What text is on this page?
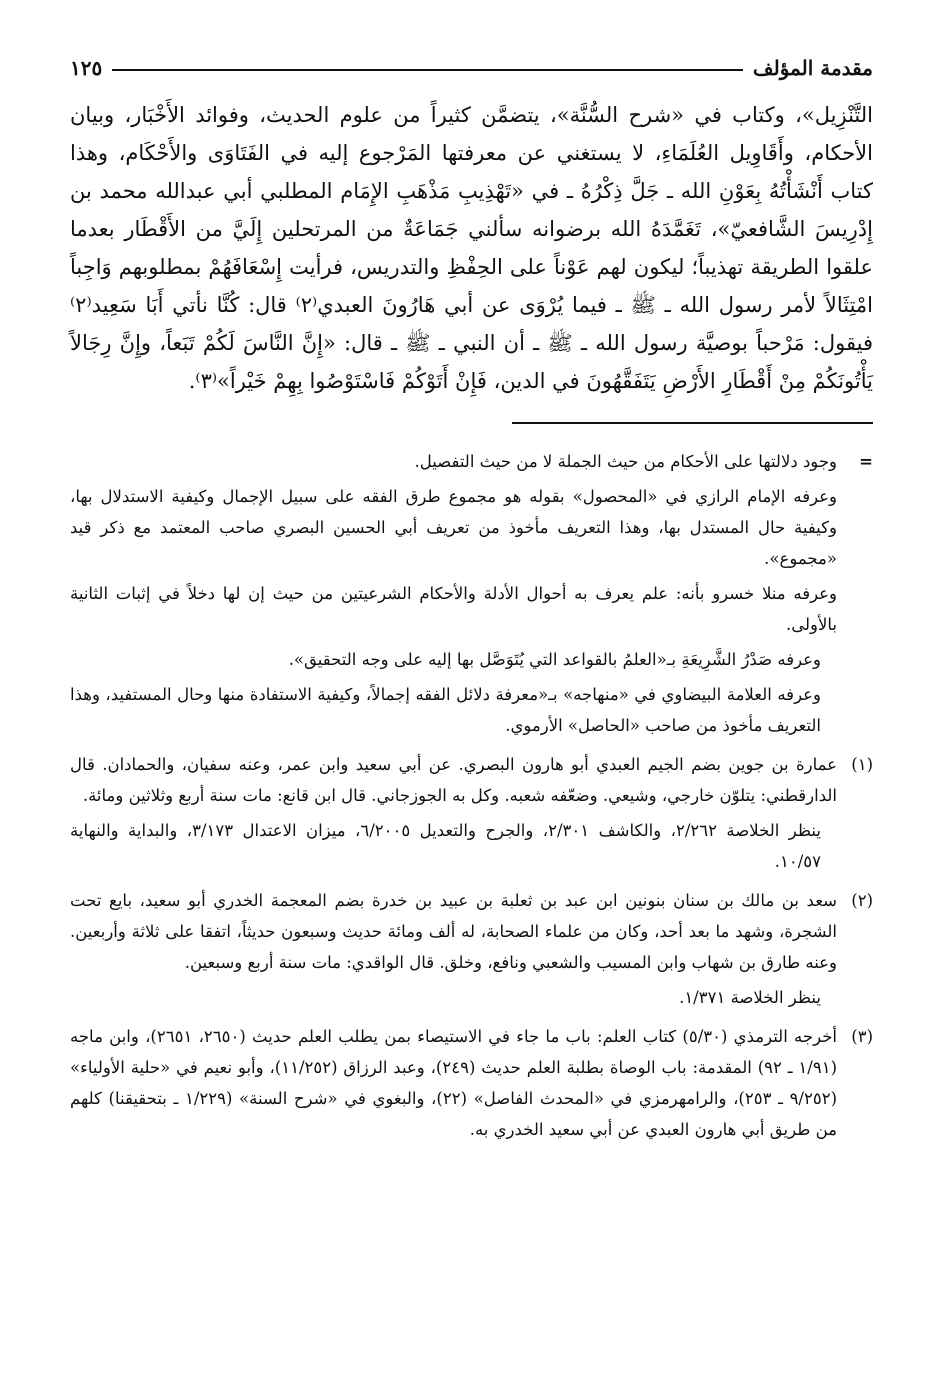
مقدمة المؤلف
١٢٥

التَّنْزِيل»، وكتاب في «شرح السُّنَّة»، يتضمَّن كثيراً من علوم الحديث، وفوائد الأَخْبَار، وبيان الأحكام، وأَقَاوِيل العُلَمَاءِ، لا يستغني عن معرفتها المَرْجوع إليه في الفَتَاوَى والأَحْكَام، وهذا كتاب أَنْشَأْتُهُ بِعَوْنِ الله ـ جَلَّ ذِكْرُهُ ـ في «تَهْذِيبِ مَذْهَبِ الإِمَام المطلبي أبي عبدالله محمد بن إِدْرِيسَ الشَّافعيّ»، تَغَمَّدَهُ الله برضوانه سألني جَمَاعَةٌ من المرتحلين إِلَيَّ من الأَقْطَار بعدما علقوا الطريقة تهذيباً؛ ليكون لهم عَوْناً على الحِفْظِ والتدريس، فرأيت إِسْعَافَهُمْ بمطلوبهم وَاجِباً امْتِثَالاً لأمر رسول الله ـ ﷺ ـ فيما يُرْوَى عن أبي هَارُونَ العبدي⁽٢⁾ قال: كُنَّا نأتي أَبَا سَعِيد⁽٢⁾ فيقول: مَرْحباً بوصيَّة رسول الله ـ ﷺ ـ أن النبي ـ ﷺ ـ قال: «إِنَّ النَّاسَ لَكُمْ تَبَعاً، وإِنَّ رِجَالاً يَأْتُونَكُمْ مِنْ أَقْطَارِ الأَرْضِ يَتَفَقَّهُونَ في الدين، فَإِنْ أَتَوْكُمْ فَاسْتَوْصُوا بِهِمْ خَيْراً»⁽٣⁾.

=

وجود دلالتها على الأحكام من حيث الجملة لا من حيث التفصيل.

وعرفه الإمام الرازي في «المحصول» بقوله هو مجموع طرق الفقه على سبيل الإجمال وكيفية الاستدلال بها، وكيفية حال المستدل بها، وهذا التعريف مأخوذ من تعريف أبي الحسين البصري صاحب المعتمد مع ذكر قيد «مجموع».

وعرفه منلا خسرو بأنه: علم يعرف به أحوال الأدلة والأحكام الشرعيتين من حيث إن لها دخلاً في إثبات الثانية بالأولى.

وعرفه صَدْرُ الشَّرِيعَةِ بـ«العلمُ بالقواعد التي يُتَوَصَّل بها إليه على وجه التحقيق».

وعرفه العلامة البيضاوي في «منهاجه» بـ«معرفة دلائل الفقه إجمالاً، وكيفية الاستفادة منها وحال المستفيد، وهذا التعريف مأخوذ من صاحب «الحاصل» الأرموي.

(١)

عمارة بن جوين بضم الجيم العبدي أبو هارون البصري. عن أبي سعيد وابن عمر، وعنه سفيان، والحمادان. قال الدارقطني: يتلوّن خارجي، وشيعي. وضعّفه شعبه. وكل به الجوزجاني. قال ابن قانع: مات سنة أربع وثلاثين ومائة.

ينظر الخلاصة ٢/٢٦٢، والكاشف ٢/٣٠١، والجرح والتعديل ٦/٢٠٠٥، ميزان الاعتدال ٣/١٧٣، والبداية والنهاية ١٠/٥٧.

(٢)

سعد بن مالك بن سنان بنونين ابن عبد بن ثعلبة بن عبيد بن خدرة بضم المعجمة الخدري أبو سعيد، بايع تحت الشجرة، وشهد ما بعد أحد، وكان من علماء الصحابة، له ألف ومائة حديث وسبعون حديثاً، اتفقا على ثلاثة وأربعين. وعنه طارق بن شهاب وابن المسيب والشعبي ونافع، وخلق. قال الواقدي: مات سنة أربع وسبعين.

ينظر الخلاصة ١/٣٧١.

(٣)

أخرجه الترمذي (٥/٣٠) كتاب العلم: باب ما جاء في الاستيصاء بمن يطلب العلم حديث (٢٦٥٠، ٢٦٥١)، وابن ماجه (١/٩١ ـ ٩٢) المقدمة: باب الوصاة بطلبة العلم حديث (٢٤٩)، وعبد الرزاق (١١/٢٥٢)، وأبو نعيم في «حلية الأولياء» (٩/٢٥٢ ـ ٢٥٣)، والرامهرمزي في «المحدث الفاصل» (٢٢)، والبغوي في «شرح السنة» (١/٢٢٩ ـ بتحقيقنا) كلهم من طريق أبي هارون العبدي عن أبي سعيد الخدري به.
